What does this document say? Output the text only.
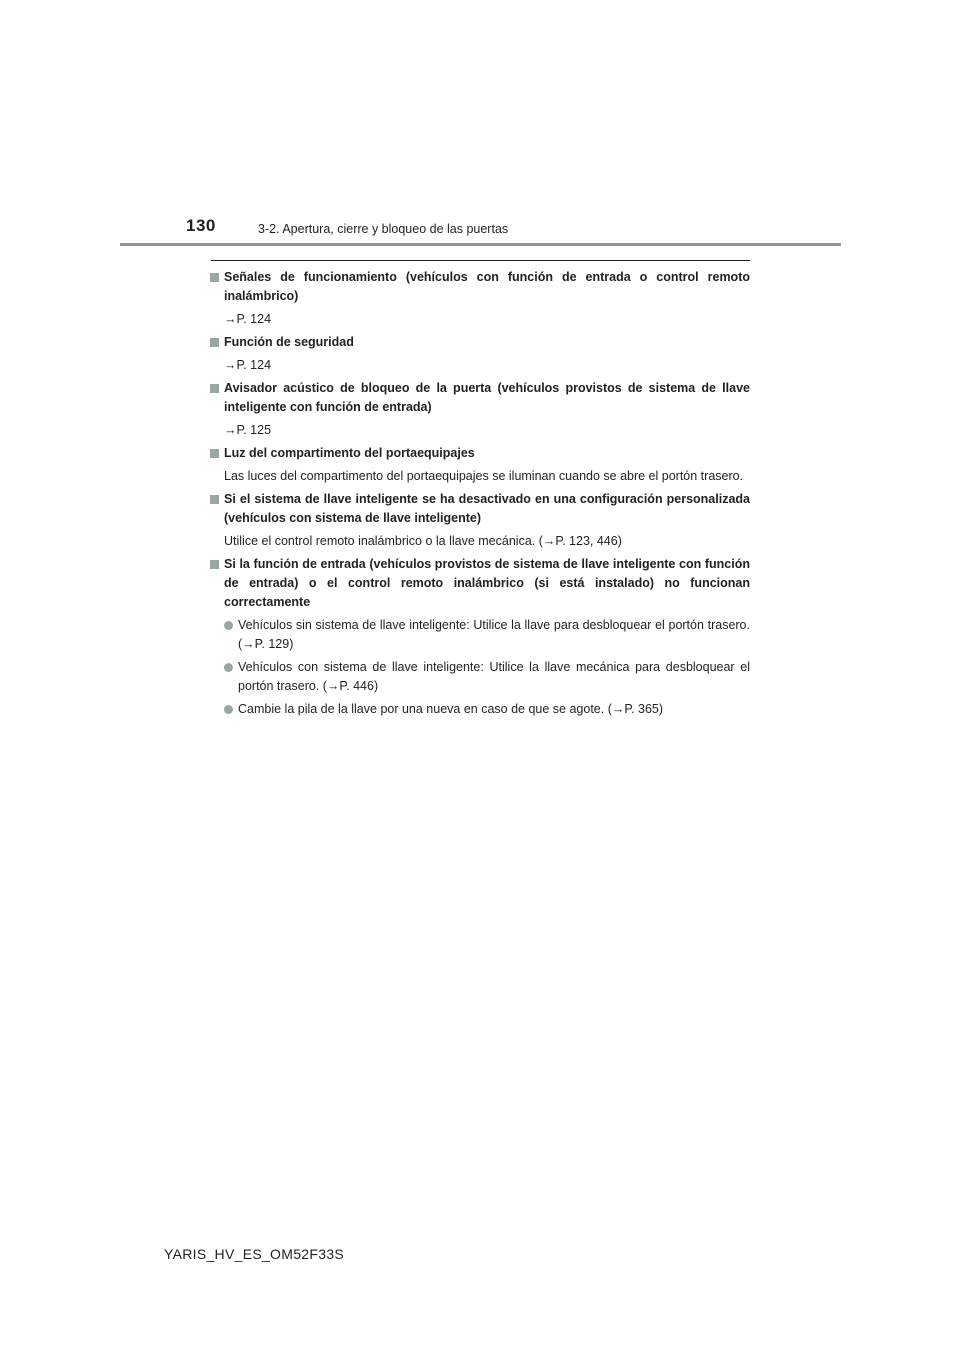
130	3-2. Apertura, cierre y bloqueo de las puertas
Señales de funcionamiento (vehículos con función de entrada o control remoto inalámbrico)
→P. 124
Función de seguridad
→P. 124
Avisador acústico de bloqueo de la puerta (vehículos provistos de sistema de llave inteligente con función de entrada)
→P. 125
Luz del compartimento del portaequipajes
Las luces del compartimento del portaequipajes se iluminan cuando se abre el portón trasero.
Si el sistema de llave inteligente se ha desactivado en una configuración personalizada (vehículos con sistema de llave inteligente)
Utilice el control remoto inalámbrico o la llave mecánica. (→P. 123, 446)
Si la función de entrada (vehículos provistos de sistema de llave inteligente con función de entrada) o el control remoto inalámbrico (si está instalado) no funcionan correctamente
Vehículos sin sistema de llave inteligente: Utilice la llave para desbloquear el portón trasero. (→P. 129)
Vehículos con sistema de llave inteligente: Utilice la llave mecánica para desbloquear el portón trasero. (→P. 446)
Cambie la pila de la llave por una nueva en caso de que se agote. (→P. 365)
YARIS_HV_ES_OM52F33S
